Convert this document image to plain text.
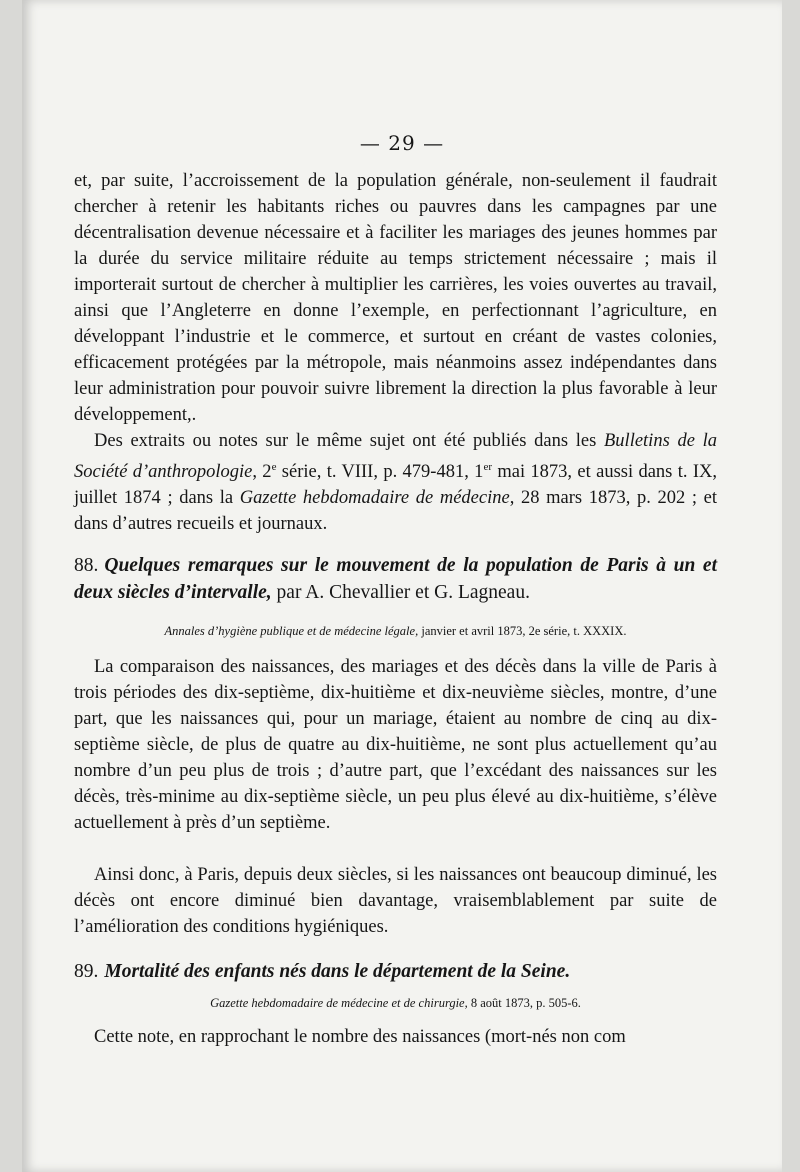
— 29 —
et, par suite, l’accroissement de la population générale, non-seulement il faudrait chercher à retenir les habitants riches ou pauvres dans les campagnes par une décentralisation devenue nécessaire et à faciliter les mariages des jeunes hommes par la durée du service militaire réduite au temps strictement nécessaire ; mais il importerait surtout de chercher à multiplier les carrières, les voies ouvertes au travail, ainsi que l’Angleterre en donne l’exemple, en perfectionnant l’agriculture, en développant l’industrie et le commerce, et surtout en créant de vastes colonies, efficacement protégées par la métropole, mais néanmoins assez indépendantes dans leur administration pour pouvoir suivre librement la direction la plus favorable à leur développement,.
Des extraits ou notes sur le même sujet ont été publiés dans les Bulletins de la Société d’anthropologie, 2e série, t. VIII, p. 479-481, 1er mai 1873, et aussi dans t. IX, juillet 1874 ; dans la Gazette hebdomadaire de médecine, 28 mars 1873, p. 202 ; et dans d’autres recueils et journaux.
88. Quelques remarques sur le mouvement de la population de Paris à un et deux siècles d’intervalle, par A. Chevallier et G. Lagneau.
Annales d’hygiène publique et de médecine légale, janvier et avril 1873, 2e série, t. XXXIX.
La comparaison des naissances, des mariages et des décès dans la ville de Paris à trois périodes des dix-septième, dix-huitième et dix-neuvième siècles, montre, d’une part, que les naissances qui, pour un mariage, étaient au nombre de cinq au dix-septième siècle, de plus de quatre au dix-huitième, ne sont plus actuellement qu’au nombre d’un peu plus de trois ; d’autre part, que l’excédant des naissances sur les décès, très-minime au dix-septième siècle, un peu plus élevé au dix-huitième, s’élève actuellement à près d’un septième.
Ainsi donc, à Paris, depuis deux siècles, si les naissances ont beaucoup diminué, les décès ont encore diminué bien davantage, vraisemblablement par suite de l’amélioration des conditions hygiéniques.
89. Mortalité des enfants nés dans le département de la Seine.
Gazette hebdomadaire de médecine et de chirurgie, 8 août 1873, p. 505-6.
Cette note, en rapprochant le nombre des naissances (mort-nés non com
